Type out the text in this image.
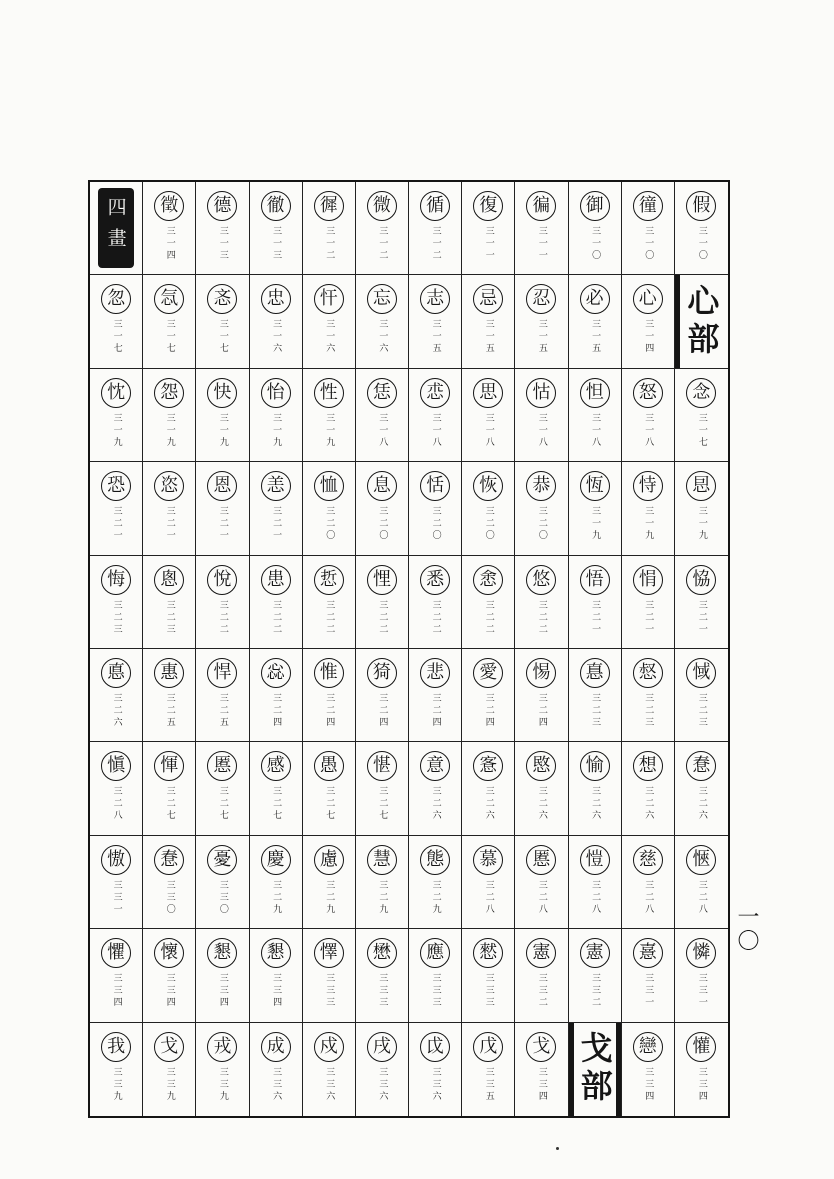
四畫	徵
三一四
德
三一三
徹
三一三
徲
三一二
微
三一二
循
三一二
復
三一一
徧
三一一
御
三一〇
徸
三一〇
假
三一〇
忽
三一七
忥
三一七
忞
三一七
忠
三一六
忓
三一六
忘
三一六
志
三一五
忌
三一五
忍
三一五
必
三一五
心
三一四 心部
忱
三一九
怨
三一九
快
三一九
怡
三一九
性
三一九
恁
三一八
怷
三一八
思
三一八
怙
三一八
怛
三一八
怒
三一八
念
三一七
恐
三二一
恣
三二一
恩
三二一
恙
三二一
恤
三二〇
息
三二〇
恬
三二〇
恢
三二〇
恭
三二〇
恆
三一九
恃
三一九
㤙
三一九
悔
三二三
悤
三二三
悅
三二二
患
三二二
悊
三二二
悝
三二二
悉
三二二
悆
三二二
悠
三二二
悟
三二一
悁
三二一
恊
三二一
悳
三二六
惠
三二五
悍
三二五
惢
三二四
惟
三二四
猗
三二四
悲
三二四
愛
三二四
惕
三二四
惪
三二三
惄
三二三
惐
三二三
愼
三二八
惲
三二七
慝
三二七
感
三二七
愚
三二七
愖
三二七
意
三二六
愙
三二六
愍
三二六
愉
三二六
想
三二六
惷
三二六
慠
三三一
惷
三三〇
憂
三三〇
慶
三二九
慮
三二九
慧
三二九
態
三二九
慕
三二八
慝
三二八
愷
三二八
慈
三二八
愜
三二八
懼
三三四
懷
三三四
懇
三三四
懇
三三四
懌
三三三
懋
三三三
應
三三三
憖
三三三
憲
三三二
憲
三三二
憙
三三一
憐
三三一
我
三三九
戈
三三九
戎
三三九
成
三三六
戍
三三六
戌
三三六
戉
三三六
戊
三三五
戈
三三四 戈部	戀
三三四
懽
三三四
一〇
